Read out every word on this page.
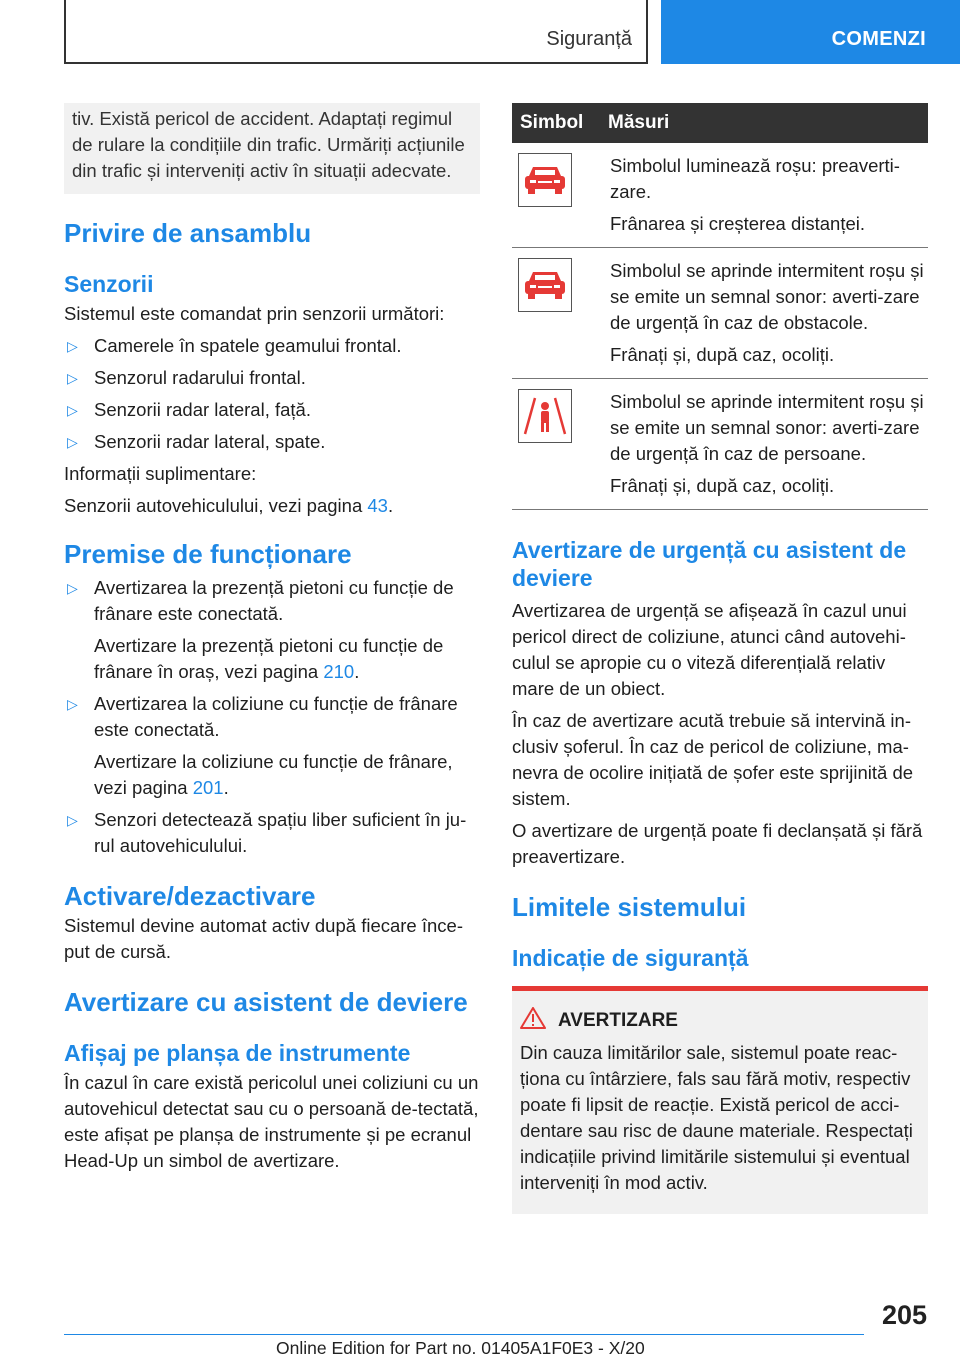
Siguranță	COMENZI

tiv. Există pericol de accident. Adaptați regimul de rulare la condițiile din trafic. Urmăriți acțiunile din trafic și interveniți activ în situații adecvate.

Privire de ansamblu
Senzorii

Sistemul este comandat prin senzorii următori:

▷ Camerele în spatele geamului frontal.
▷ Senzorul radarului frontal.
▷ Senzorii radar lateral, față.
▷ Senzorii radar lateral, spate.

Informații suplimentare:

Senzorii autovehiculului, vezi pagina 43.

Premise de funcționare
▷ Avertizarea la prezență pietoni cu funcție de frânare este conectată.
Avertizare la prezență pietoni cu funcție de frânare în oraș, vezi pagina 210.
▷ Avertizarea la coliziune cu funcție de frânare este conectată.
Avertizare la coliziune cu funcție de frânare, vezi pagina 201.
▷ Senzori detectează spațiu liber suficient în ju-rul autovehiculului.
Activare/dezactivare

Sistemul devine automat activ după fiecare înce-put de cursă.

Avertizare cu asistent de deviere
Afișaj pe planșa de instrumente

În cazul în care există pericolul unei coliziuni cu un autovehicul detectat sau cu o persoană de-tectată, este afișat pe planșa de instrumente și pe ecranul Head-Up un simbol de avertizare.

Simbol	Măsuri

Simbolul luminează roșu: preaverti-zare.
Frânarea și creșterea distanței.

Simbolul se aprinde intermitent roșu și se emite un semnal sonor: averti-zare de urgență în caz de obstacole.
Frânați și, după caz, ocoliți.

Simbolul se aprinde intermitent roșu și se emite un semnal sonor: averti-zare de urgență în caz de persoane.
Frânați și, după caz, ocoliți.
Avertizare de urgență cu asistent de deviere

Avertizarea de urgență se afișează în cazul unui pericol direct de coliziune, atunci când autovehi-culul se apropie cu o viteză diferențială relativ mare de un obiect.

În caz de avertizare acută trebuie să intervină in-clusiv șoferul. În caz de pericol de coliziune, ma-nevra de ocolire inițiată de șofer este sprijinită de sistem.

O avertizare de urgență poate fi declanșată și fără preavertizare.

Limitele sistemului
Indicație de siguranță
AVERTIZARE

Din cauza limitărilor sale, sistemul poate reac-ționa cu întârziere, fals sau fără motiv, respectiv poate fi lipsit de reacție. Există pericol de acci-dentare sau risc de daune materiale. Respectați indicațiile privind limitările sistemului și eventual interveniți în mod activ.

205
Online Edition for Part no. 01405A1F0E3 - X/20
